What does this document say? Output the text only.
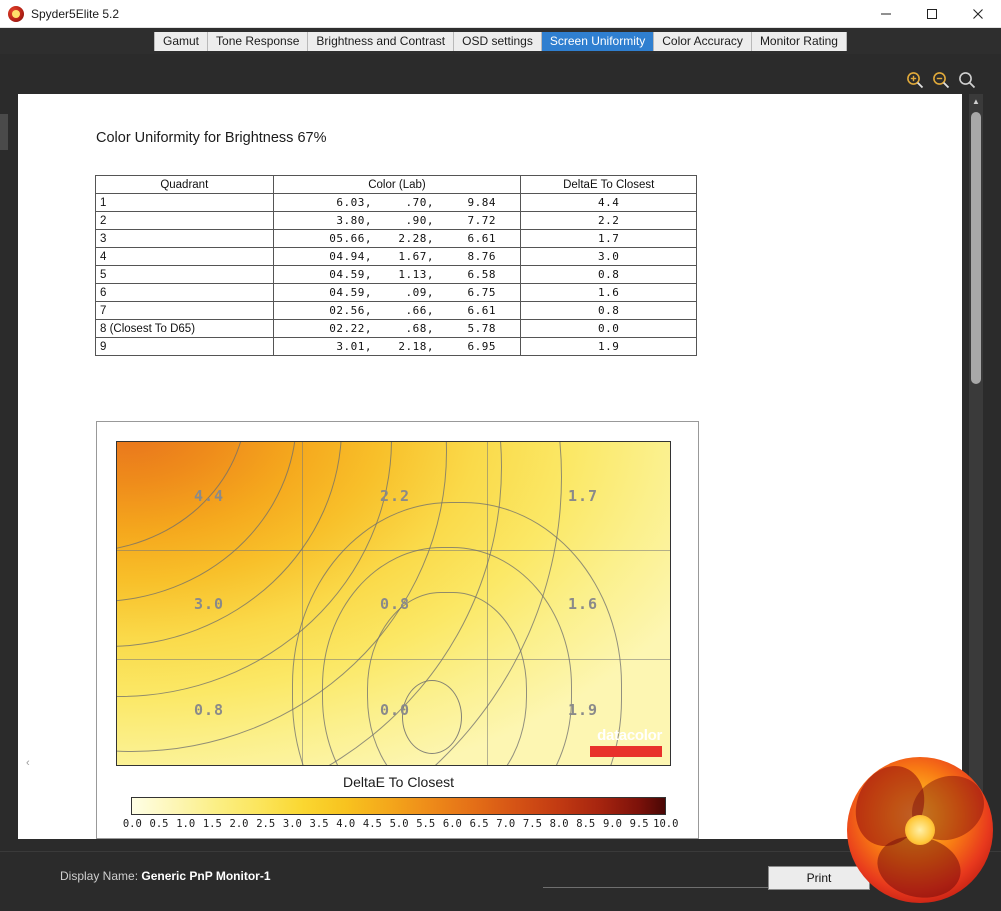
Spyder5Elite 5.2
Gamut	Tone Response	Brightness and Contrast	OSD settings	Screen Uniformity	Color Accuracy	Monitor Rating
Color Uniformity for Brightness 67%
Quadrant	Color (Lab)	DeltaE To Closest
1	6.03, .70, 9.84	4.4
2	3.80, .90, 7.72	2.2
3	05.66, 2.28, 6.61	1.7
4	04.94, 1.67, 8.76	3.0
5	04.59, 1.13, 6.58	0.8
6	04.59, .09, 6.75	1.6
7	02.56, .66, 6.61	0.8
8 (Closest To D65)	02.22, .68, 5.78	0.0
9	3.01, 2.18, 6.95	1.9
4.4	2.2	1.7
3.0	0.8	1.6
0.8	0.0	1.9
datacolor
DeltaE To Closest
0.0 0.5 1.0 1.5 2.0 2.5 3.0 3.5 4.0 4.5 5.0 5.5 6.0 6.5 7.0 7.5 8.0 8.5 9.0 9.5 10.0
▲
‹
Display Name: Generic PnP Monitor-1	Print
